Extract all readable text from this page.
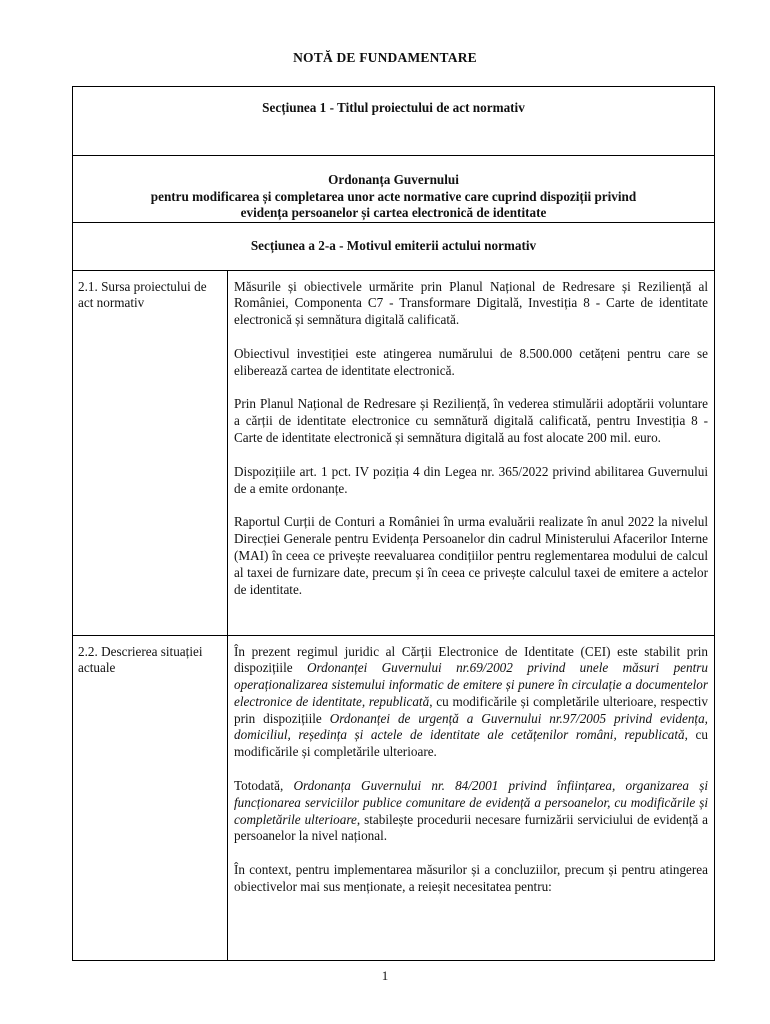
NOTĂ DE FUNDAMENTARE
Secțiunea 1 - Titlul proiectului de act normativ	

Ordonanța Guvernului
pentru modificarea și completarea unor acte normative care cuprind dispoziții privind
evidența persoanelor și cartea electronică de identitate	

Secțiunea a 2-a - Motivul emiterii actului normativ	

2.1. Sursa proiectului de act normativ	Măsurile și obiectivele urmărite prin Planul Național de Redresare și Reziliență al României, Componenta C7 - Transformare Digitală, Investiția 8 - Carte de identitate electronică și semnătura digitală calificată.

Obiectivul investiției este atingerea numărului de 8.500.000 cetățeni pentru care se eliberează cartea de identitate electronică.

Prin Planul Național de Redresare și Reziliență, în vederea stimulării adoptării voluntare a cărții de identitate electronice cu semnătură digitală calificată, pentru Investiția 8 - Carte de identitate electronică și semnătura digitală au fost alocate 200 mil. euro.

Dispozițiile art. 1 pct. IV poziția 4 din Legea nr. 365/2022 privind abilitarea Guvernului de a emite ordonanțe.

Raportul Curții de Conturi a României în urma evaluării realizate în anul 2022 la nivelul Direcției Generale pentru Evidența Persoanelor din cadrul Ministerului Afacerilor Interne (MAI) în ceea ce privește reevaluarea condițiilor pentru reglementarea modului de calcul al taxei de furnizare date, precum și în ceea ce privește calculul taxei de emitere a actelor de identitate.

2.2. Descrierea situației actuale	În prezent regimul juridic al Cărții Electronice de Identitate (CEI) este stabilit prin dispozițiile Ordonanței Guvernului nr.69/2002 privind unele măsuri pentru operaționalizarea sistemului informatic de emitere și punere în circulație a documentelor electronice de identitate, republicată, cu modificările și completările ulterioare, respectiv prin dispozițiile Ordonanței de urgență a Guvernului nr.97/2005 privind evidența, domiciliul, reședința și actele de identitate ale cetățenilor români, republicată, cu modificările și completările ulterioare.

Totodată, Ordonanța Guvernului nr. 84/2001 privind înființarea, organizarea și funcționarea serviciilor publice comunitare de evidență a persoanelor, cu modificările și completările ulterioare, stabilește procedurii necesare furnizării serviciului de evidență a persoanelor la nivel național.

În context, pentru implementarea măsurilor și a concluziilor, precum și pentru atingerea obiectivelor mai sus menționate, a reieșit necesitatea pentru:

1
